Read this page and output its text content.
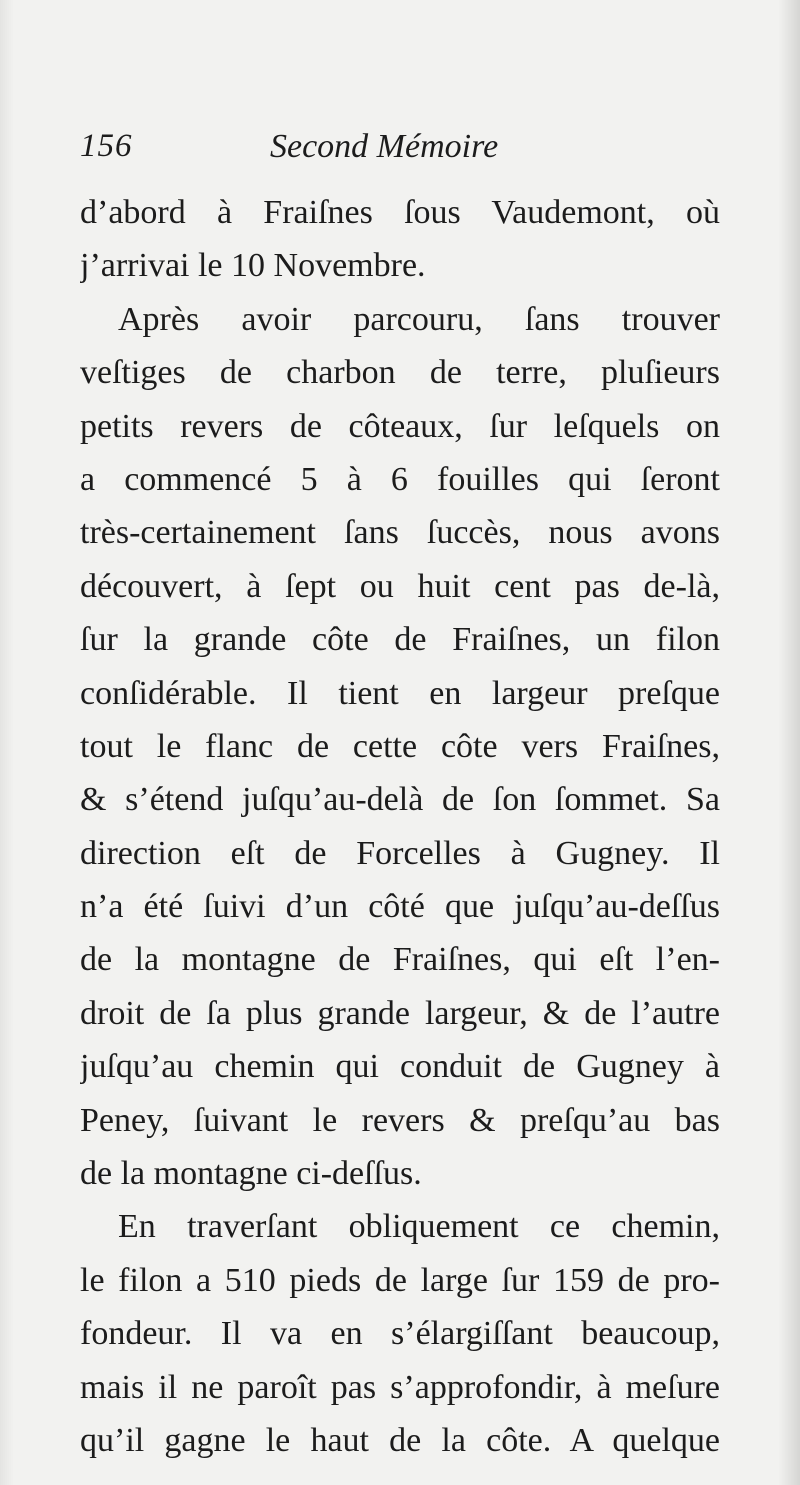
156	Second Mémoire
d’abord à Fraiſnes ſous Vaudemont, où
j’arrivai le 10 Novembre.
Après avoir parcouru, ſans trouver
veſtiges de charbon de terre, pluſieurs
petits revers de côteaux, ſur leſquels on
a commencé 5 à 6 fouilles qui ſeront
très-certainement ſans ſuccès, nous avons
découvert, à ſept ou huit cent pas de-là,
ſur la grande côte de Fraiſnes, un filon
conſidérable. Il tient en largeur preſque
tout le flanc de cette côte vers Fraiſnes,
& s’étend juſqu’au-delà de ſon ſommet. Sa
direction eſt de Forcelles à Gugney. Il
n’a été ſuivi d’un côté que juſqu’au-deſſus
de la montagne de Fraiſnes, qui eſt l’en-
droit de ſa plus grande largeur, & de l’autre
juſqu’au chemin qui conduit de Gugney à
Peney, ſuivant le revers & preſqu’au bas
de la montagne ci-deſſus.
En traverſant obliquement ce chemin,
le filon a 510 pieds de large ſur 159 de pro-
fondeur. Il va en s’élargiſſant beaucoup,
mais il ne paroît pas s’approfondir, à meſure
qu’il gagne le haut de la côte. A quelque
